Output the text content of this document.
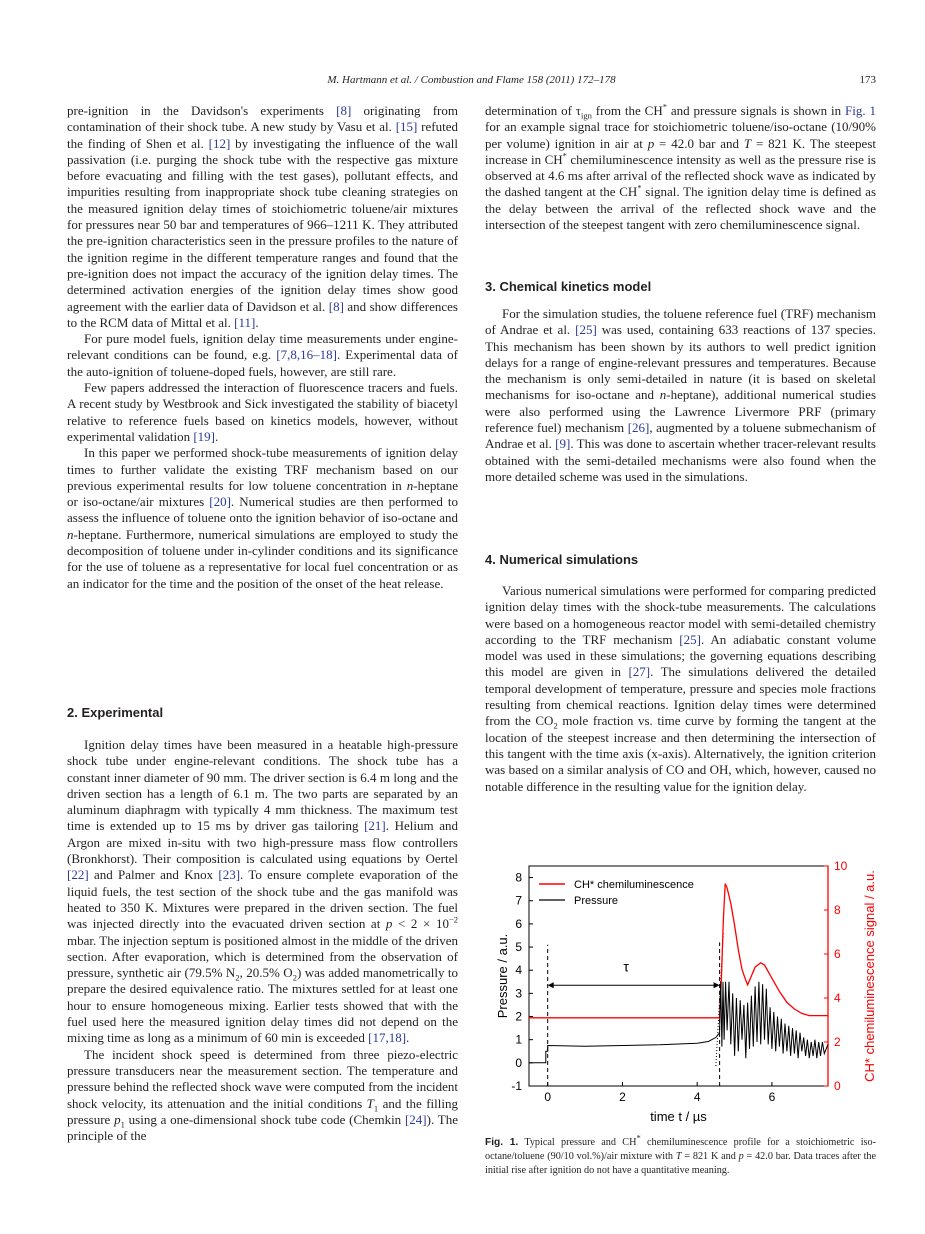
M. Hartmann et al. / Combustion and Flame 158 (2011) 172–178	173

pre-ignition in the Davidson's experiments [8] originating from contamination of their shock tube. A new study by Vasu et al. [15] refuted the finding of Shen et al. [12] by investigating the influence of the wall passivation (i.e. purging the shock tube with the respective gas mixture before evacuating and filling with the test gases), pollutant effects, and impurities resulting from inappropriate shock tube cleaning strategies on the measured ignition delay times of stoichiometric toluene/air mixtures for pressures near 50 bar and temperatures of 966–1211 K. They attributed the pre-ignition characteristics seen in the pressure profiles to the nature of the ignition regime in the different temperature ranges and found that the pre-ignition does not impact the accuracy of the ignition delay times. The determined activation energies of the ignition delay times show good agreement with the earlier data of Davidson et al. [8] and show differences to the RCM data of Mittal et al. [11].

For pure model fuels, ignition delay time measurements under engine-relevant conditions can be found, e.g. [7,8,16–18]. Experimental data of the auto-ignition of toluene-doped fuels, however, are still rare.

Few papers addressed the interaction of fluorescence tracers and fuels. A recent study by Westbrook and Sick investigated the stability of biacetyl relative to reference fuels based on kinetics models, however, without experimental validation [19].

In this paper we performed shock-tube measurements of ignition delay times to further validate the existing TRF mechanism based on our previous experimental results for low toluene concentration in n-heptane or iso-octane/air mixtures [20]. Numerical studies are then performed to assess the influence of toluene onto the ignition behavior of iso-octane and n-heptane. Furthermore, numerical simulations are employed to study the decomposition of toluene under in-cylinder conditions and its significance for the use of toluene as a representative for local fuel concentration or as an indicator for the time and the position of the onset of the heat release.

2. Experimental

Ignition delay times have been measured in a heatable high-pressure shock tube under engine-relevant conditions. The shock tube has a constant inner diameter of 90 mm. The driver section is 6.4 m long and the driven section has a length of 6.1 m. The two parts are separated by an aluminum diaphragm with typically 4 mm thickness. The maximum test time is extended up to 15 ms by driver gas tailoring [21]. Helium and Argon are mixed in-situ with two high-pressure mass flow controllers (Bronkhorst). Their composition is calculated using equations by Oertel [22] and Palmer and Knox [23]. To ensure complete evaporation of the liquid fuels, the test section of the shock tube and the gas manifold was heated to 350 K. Mixtures were prepared in the driven section. The fuel was injected directly into the evacuated driven section at $p < 2 \times 10^{-2}$ mbar. The injection septum is positioned almost in the middle of the driven section. After evaporation, which is determined from the observation of pressure, synthetic air (79.5% $N_2$, 20.5% $O_2$) was added manometrically to prepare the desired equivalence ratio. The mixtures settled for at least one hour to ensure homogeneous mixing. Earlier tests showed that with the fuel used here the measured ignition delay times did not depend on the mixing time as long as a minimum of 60 min is exceeded [17,18].

The incident shock speed is determined from three piezo-electric pressure transducers near the measurement section. The temperature and pressure behind the reflected shock wave were computed from the incident shock velocity, its attenuation and the initial conditions $T_1$ and the filling pressure $p_1$ using a one-dimensional shock tube code (Chemkin [24]). The principle of the

determination of $\tau_{ign}$ from the CH* and pressure signals is shown in Fig. 1 for an example signal trace for stoichiometric toluene/iso-octane (10/90% per volume) ignition in air at p = 42.0 bar and T = 821 K. The steepest increase in CH* chemiluminescence intensity as well as the pressure rise is observed at 4.6 ms after arrival of the reflected shock wave as indicated by the dashed tangent at the CH* signal. The ignition delay time is defined as the delay between the arrival of the reflected shock wave and the intersection of the steepest tangent with zero chemiluminescence signal.

3. Chemical kinetics model

For the simulation studies, the toluene reference fuel (TRF) mechanism of Andrae et al. [25] was used, containing 633 reactions of 137 species. This mechanism has been shown by its authors to well predict ignition delays for a range of engine-relevant pressures and temperatures. Because the mechanism is only semi-detailed in nature (it is based on skeletal mechanisms for iso-octane and n-heptane), additional numerical studies were also performed using the Lawrence Livermore PRF (primary reference fuel) mechanism [26], augmented by a toluene submechanism of Andrae et al. [9]. This was done to ascertain whether tracer-relevant results obtained with the semi-detailed mechanisms were also found when the more detailed scheme was used in the simulations.

4. Numerical simulations

Various numerical simulations were performed for comparing predicted ignition delay times with the shock-tube measurements. The calculations were based on a homogeneous reactor model with semi-detailed chemistry according to the TRF mechanism [25]. An adiabatic constant volume model was used in these simulations; the governing equations describing this model are given in [27]. The simulations delivered the detailed temporal development of temperature, pressure and species mole fractions resulting from chemical reactions. Ignition delay times were determined from the $CO_2$ mole fraction vs. time curve by forming the tangent at the location of the steepest increase and then determining the intersection of this tangent with the time axis (x-axis). Alternatively, the ignition criterion was based on a similar analysis of CO and OH, which, however, caused no notable difference in the resulting value for the ignition delay.

0	2	4	6
-1
0
1
2
3
4
5
6
7
8
0
2
4
6
8
10
time t / µs
Pressure / a.u.	CH* chemiluminescence signal / a.u.
τ
CH* chemiluminescence
Pressure
Fig. 1. Typical pressure and CH* chemiluminescence profile for a stoichiometric iso-octane/toluene (90/10 vol.%)/air mixture with T = 821 K and p = 42.0 bar. Data traces after the initial rise after ignition do not have a quantitative meaning.
